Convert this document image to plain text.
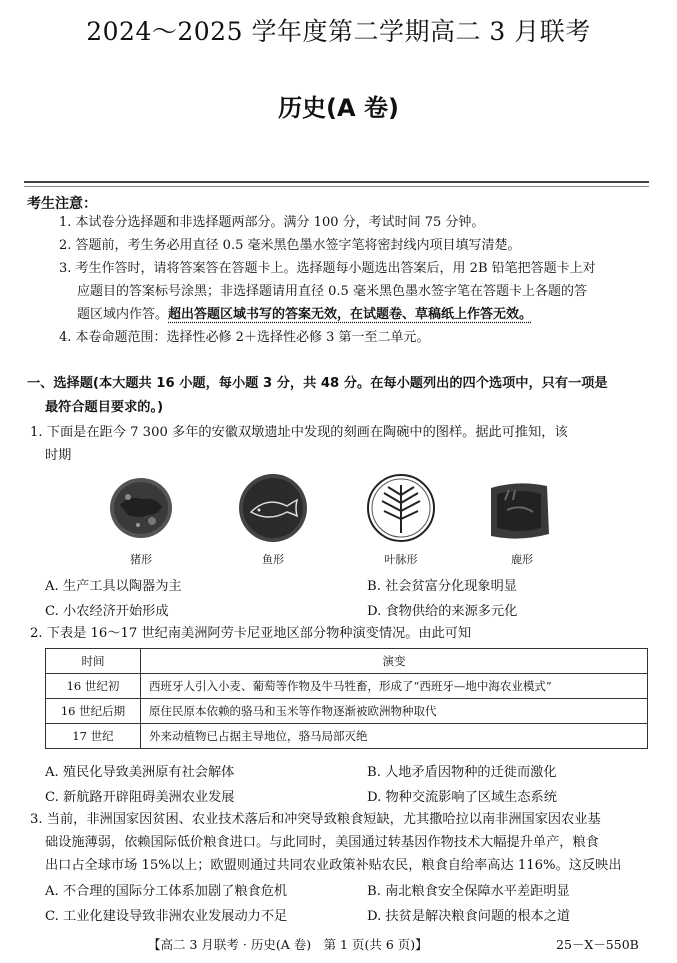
2024～2025 学年度第二学期高二 3 月联考
历史(A 卷)
考生注意：
1. 本试卷分选择题和非选择题两部分。满分 100 分，考试时间 75 分钟。
2. 答题前，考生务必用直径 0.5 毫米黑色墨水签字笔将密封线内项目填写清楚。
3. 考生作答时，请将答案答在答题卡上。选择题每小题选出答案后，用 2B 铅笔把答题卡上对
应题目的答案标号涂黑；非选择题请用直径 0.5 毫米黑色墨水签字笔在答题卡上各题的答
题区域内作答。超出答题区域书写的答案无效，在试题卷、草稿纸上作答无效。
4. 本卷命题范围：选择性必修 2＋选择性必修 3 第一至二单元。
一、选择题(本大题共 16 小题，每小题 3 分，共 48 分。在每小题列出的四个选项中，只有一项是
最符合题目要求的。)
1. 下面是在距今 7 300 多年的安徽双墩遗址中发现的刻画在陶碗中的图样。据此可推知，该
时期
猪形	鱼形	叶脉形	鹿形
A. 生产工具以陶器为主	B. 社会贫富分化现象明显
C. 小农经济开始形成	D. 食物供给的来源多元化
2. 下表是 16～17 世纪南美洲阿劳卡尼亚地区部分物种演变情况。由此可知
时间	演变
16 世纪初	西班牙人引入小麦、葡萄等作物及牛马牲畜，形成了“西班牙—地中海农业模式”
16 世纪后期	原住民原本依赖的骆马和玉米等作物逐渐被欧洲物种取代
17 世纪	外来动植物已占据主导地位，骆马局部灭绝
A. 殖民化导致美洲原有社会解体	B. 人地矛盾因物种的迁徙而激化
C. 新航路开辟阻碍美洲农业发展	D. 物种交流影响了区域生态系统
3. 当前，非洲国家因贫困、农业技术落后和冲突导致粮食短缺，尤其撒哈拉以南非洲国家因农业基
础设施薄弱，依赖国际低价粮食进口。与此同时，美国通过转基因作物技术大幅提升单产，粮食
出口占全球市场 15%以上；欧盟则通过共同农业政策补贴农民，粮食自给率高达 116%。这反映出
A. 不合理的国际分工体系加剧了粮食危机	B. 南北粮食安全保障水平差距明显
C. 工业化建设导致非洲农业发展动力不足	D. 扶贫是解决粮食问题的根本之道
【高二 3 月联考 · 历史(A 卷)　第 1 页(共 6 页)】	25－X－550B
